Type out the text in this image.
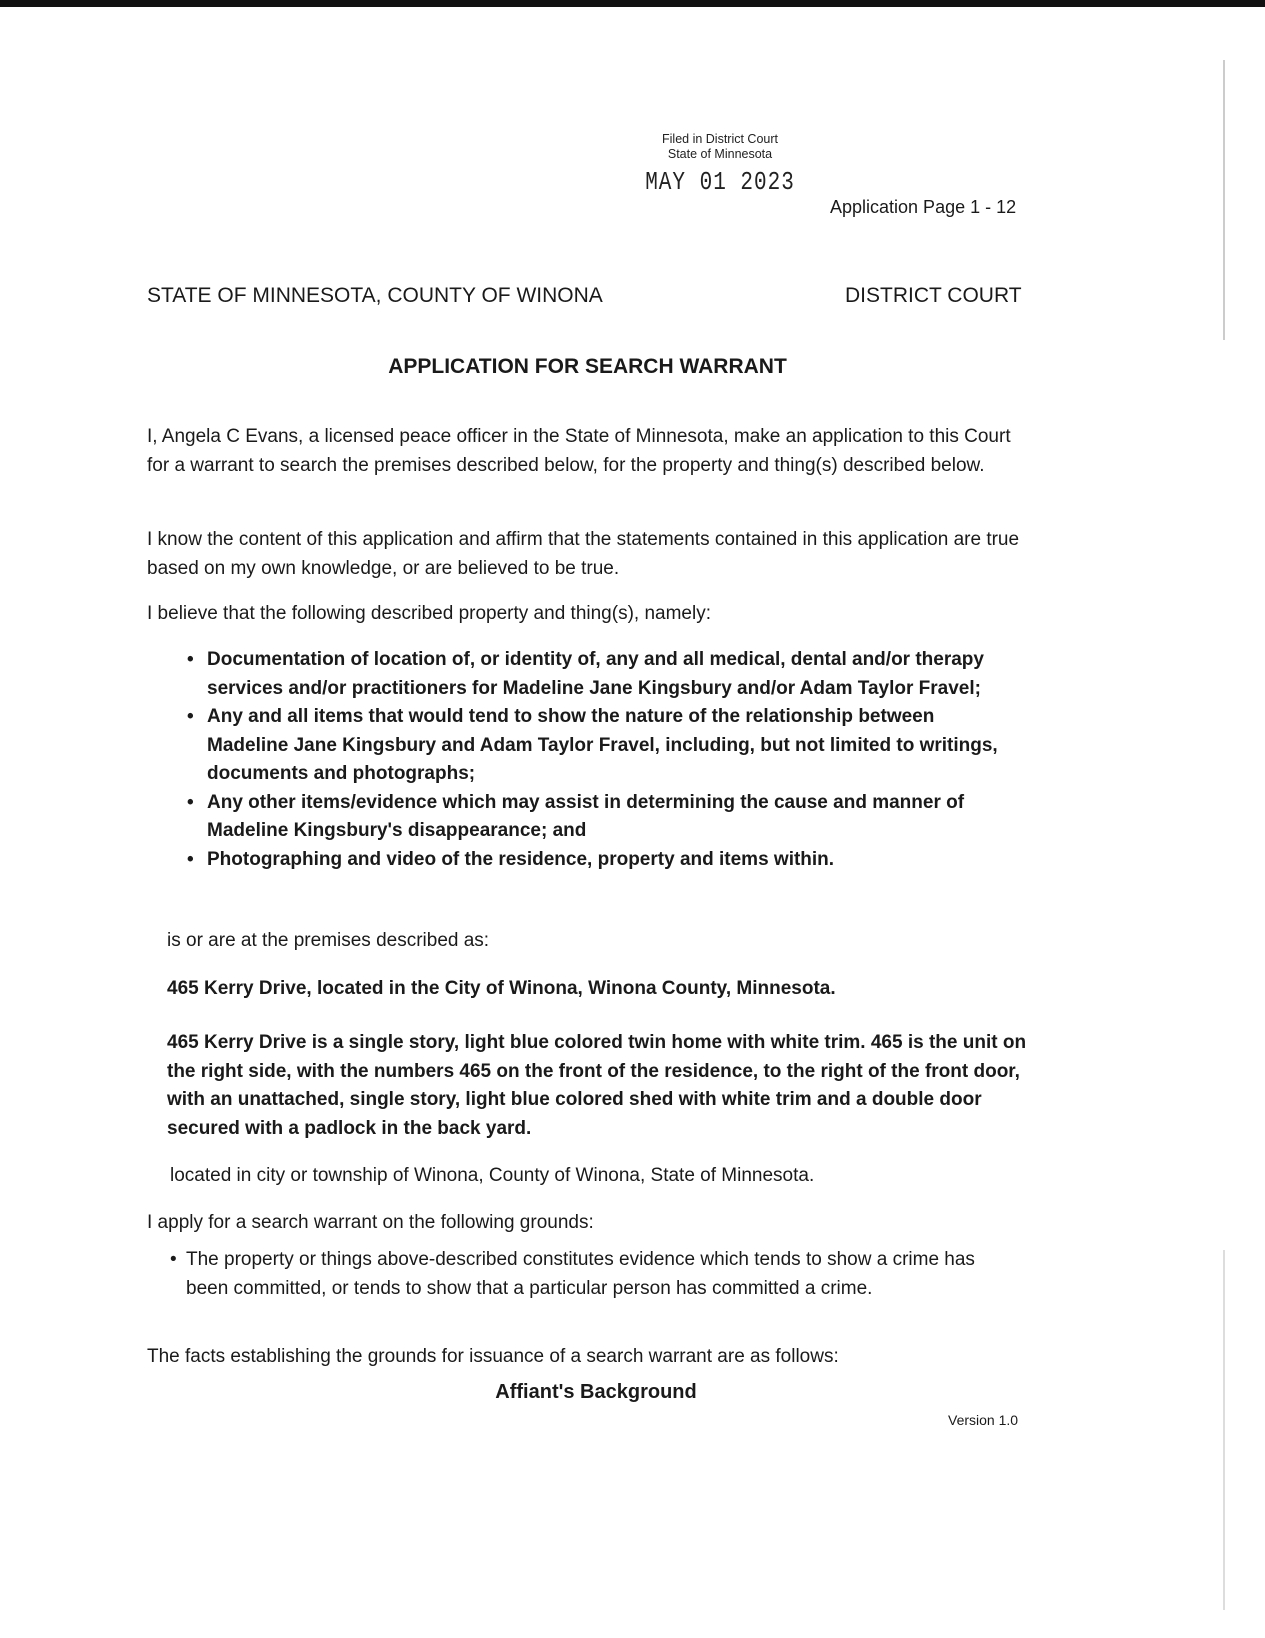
Filed in District Court
State of Minnesota
MAY 01 2023
Application Page 1 - 12
STATE OF MINNESOTA, COUNTY OF WINONA	DISTRICT COURT
APPLICATION FOR SEARCH WARRANT

I, Angela C Evans, a licensed peace officer in the State of Minnesota, make an application to this Court for a warrant to search the premises described below, for the property and thing(s) described below.

I know the content of this application and affirm that the statements contained in this application are true based on my own knowledge, or are believed to be true.

I believe that the following described property and thing(s), namely:

• Documentation of location of, or identity of, any and all medical, dental and/or therapy services and/or practitioners for Madeline Jane Kingsbury and/or Adam Taylor Fravel;
• Any and all items that would tend to show the nature of the relationship between Madeline Jane Kingsbury and Adam Taylor Fravel, including, but not limited to writings, documents and photographs;
• Any other items/evidence which may assist in determining the cause and manner of Madeline Kingsbury's disappearance; and
• Photographing and video of the residence, property and items within.

is or are at the premises described as:

465 Kerry Drive, located in the City of Winona, Winona County, Minnesota.

465 Kerry Drive is a single story, light blue colored twin home with white trim. 465 is the unit on the right side, with the numbers 465 on the front of the residence, to the right of the front door, with an unattached, single story, light blue colored shed with white trim and a double door secured with a padlock in the back yard.

located in city or township of Winona, County of Winona, State of Minnesota.

I apply for a search warrant on the following grounds:

• The property or things above-described constitutes evidence which tends to show a crime has been committed, or tends to show that a particular person has committed a crime.

The facts establishing the grounds for issuance of a search warrant are as follows:

Affiant's Background
Version 1.0
